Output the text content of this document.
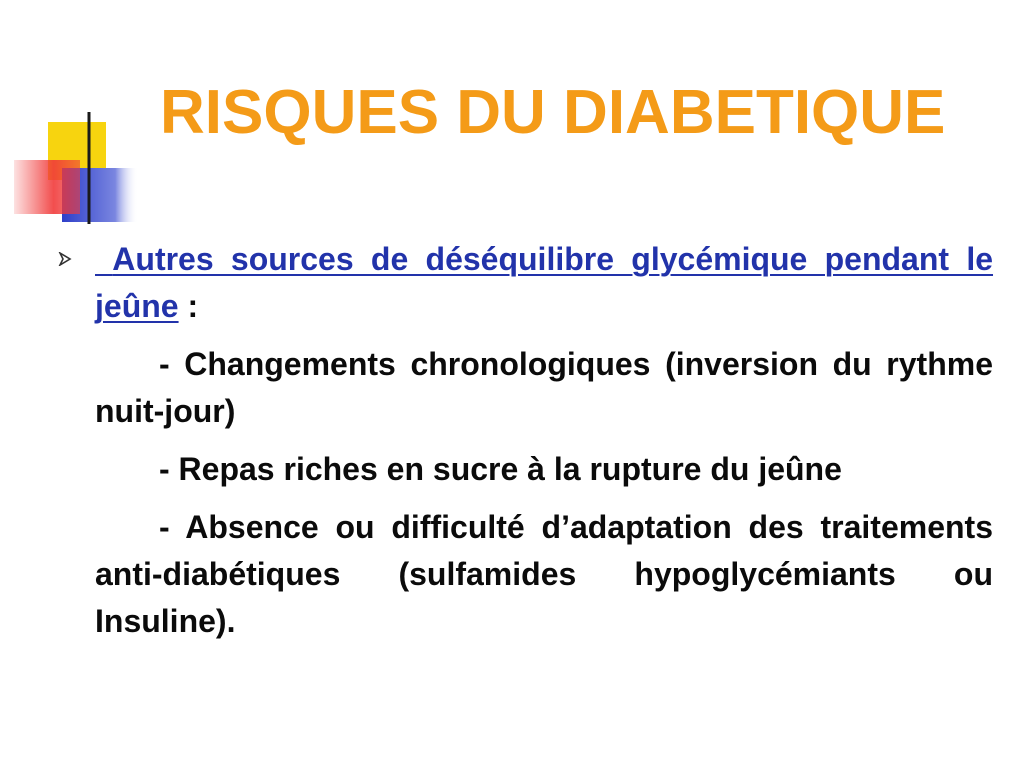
RISQUES DU DIABETIQUE

Autres sources de déséquilibre glycémique pendant le jeûne :

- Changements chronologiques (inversion du rythme nuit-jour)

- Repas riches en sucre à la rupture du jeûne

- Absence ou difficulté d’adaptation des traitements anti-diabétiques (sulfamides hypoglycémiants ou Insuline).
